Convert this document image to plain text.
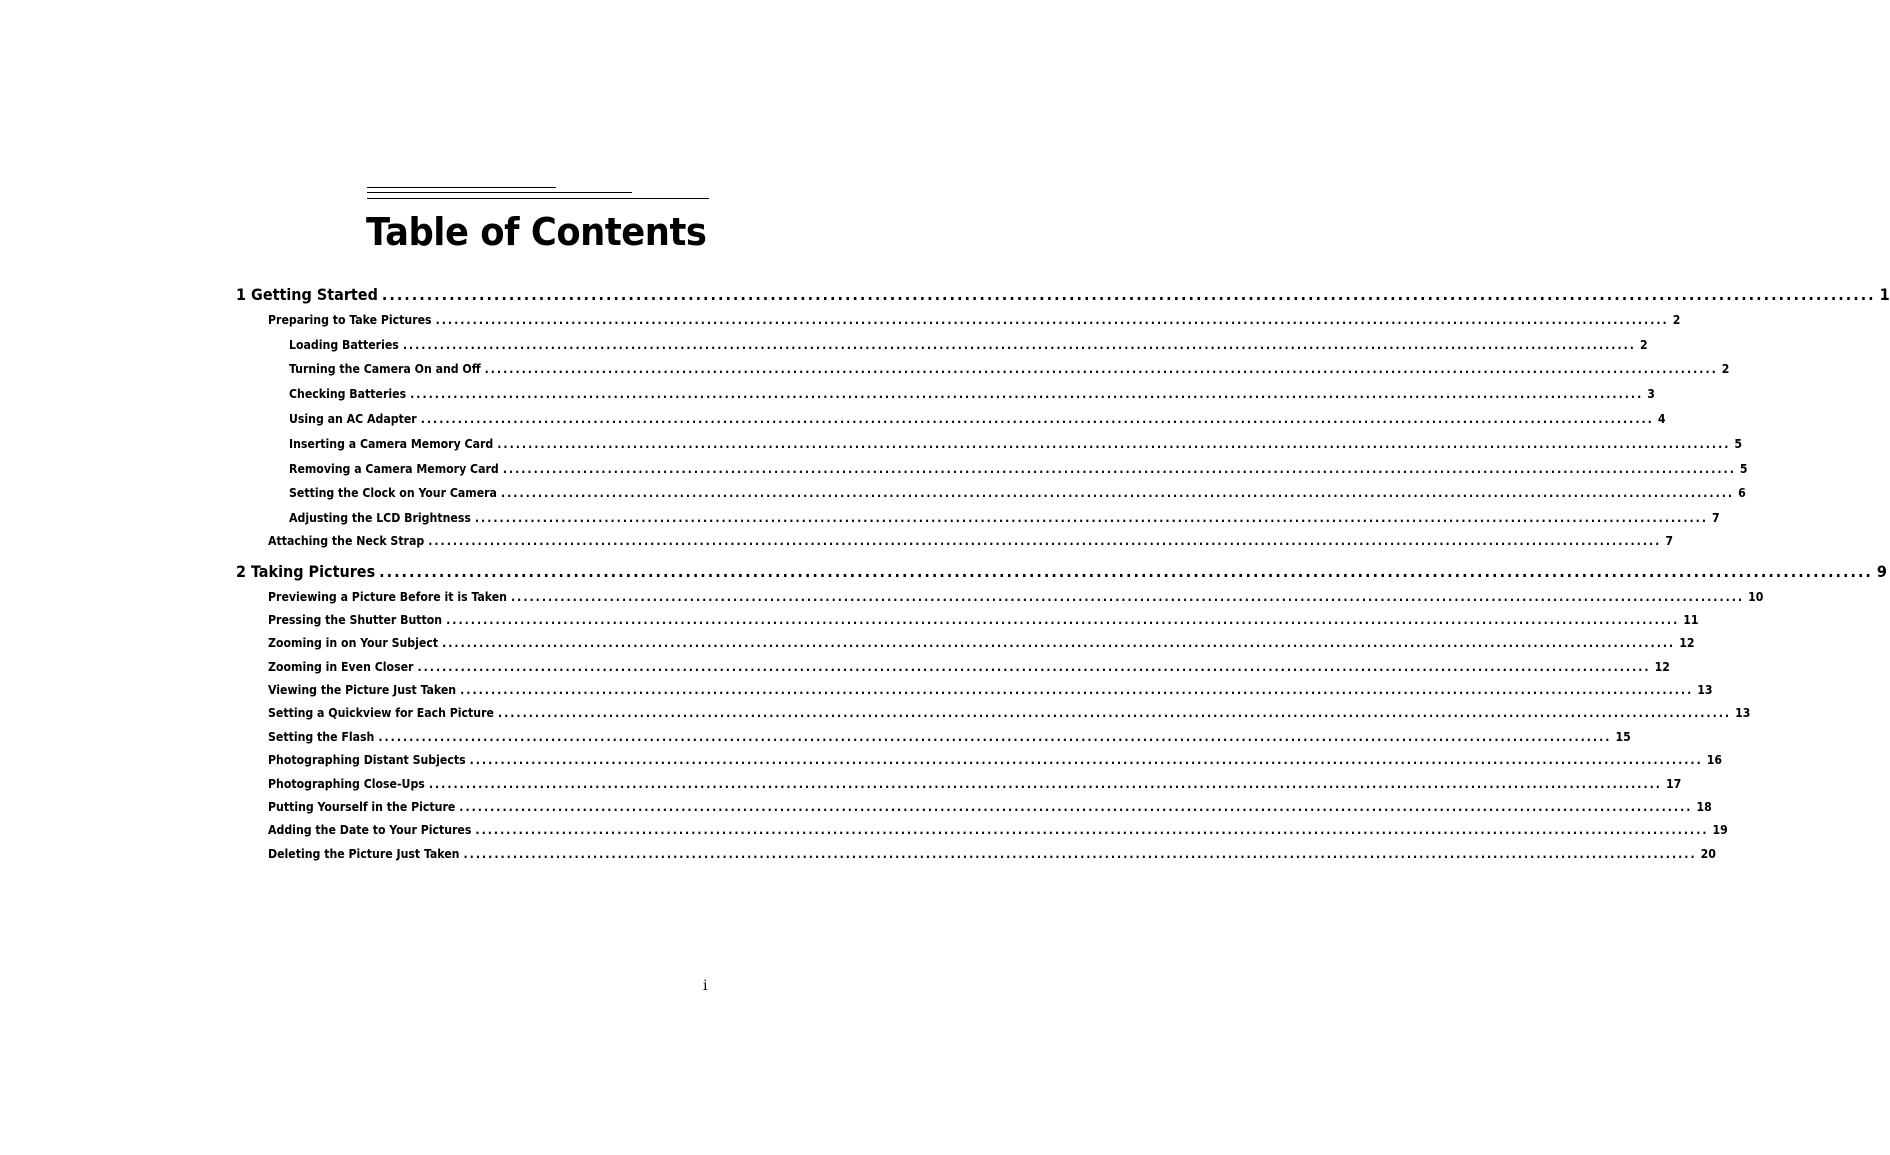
Table of Contents
1 Getting Started ........................................................................................................................................................................................................ 1
Preparing to Take Pictures ........................................................................................................................................................................................................ 2
Loading Batteries ........................................................................................................................................................................................................ 2
Turning the Camera On and Off ........................................................................................................................................................................................................ 2
Checking Batteries ........................................................................................................................................................................................................ 3
Using an AC Adapter ........................................................................................................................................................................................................ 4
Inserting a Camera Memory Card ........................................................................................................................................................................................................ 5
Removing a Camera Memory Card ........................................................................................................................................................................................................ 5
Setting the Clock on Your Camera ........................................................................................................................................................................................................ 6
Adjusting the LCD Brightness ........................................................................................................................................................................................................ 7
Attaching the Neck Strap ........................................................................................................................................................................................................ 7
2 Taking Pictures ........................................................................................................................................................................................................ 9
Previewing a Picture Before it is Taken ........................................................................................................................................................................................................ 10
Pressing the Shutter Button ........................................................................................................................................................................................................ 11
Zooming in on Your Subject ........................................................................................................................................................................................................ 12
Zooming in Even Closer ........................................................................................................................................................................................................ 12
Viewing the Picture Just Taken ........................................................................................................................................................................................................ 13
Setting a Quickview for Each Picture ........................................................................................................................................................................................................ 13
Setting the Flash ........................................................................................................................................................................................................ 15
Photographing Distant Subjects ........................................................................................................................................................................................................ 16
Photographing Close-Ups ........................................................................................................................................................................................................ 17
Putting Yourself in the Picture ........................................................................................................................................................................................................ 18
Adding the Date to Your Pictures ........................................................................................................................................................................................................ 19
Deleting the Picture Just Taken ........................................................................................................................................................................................................ 20
i
